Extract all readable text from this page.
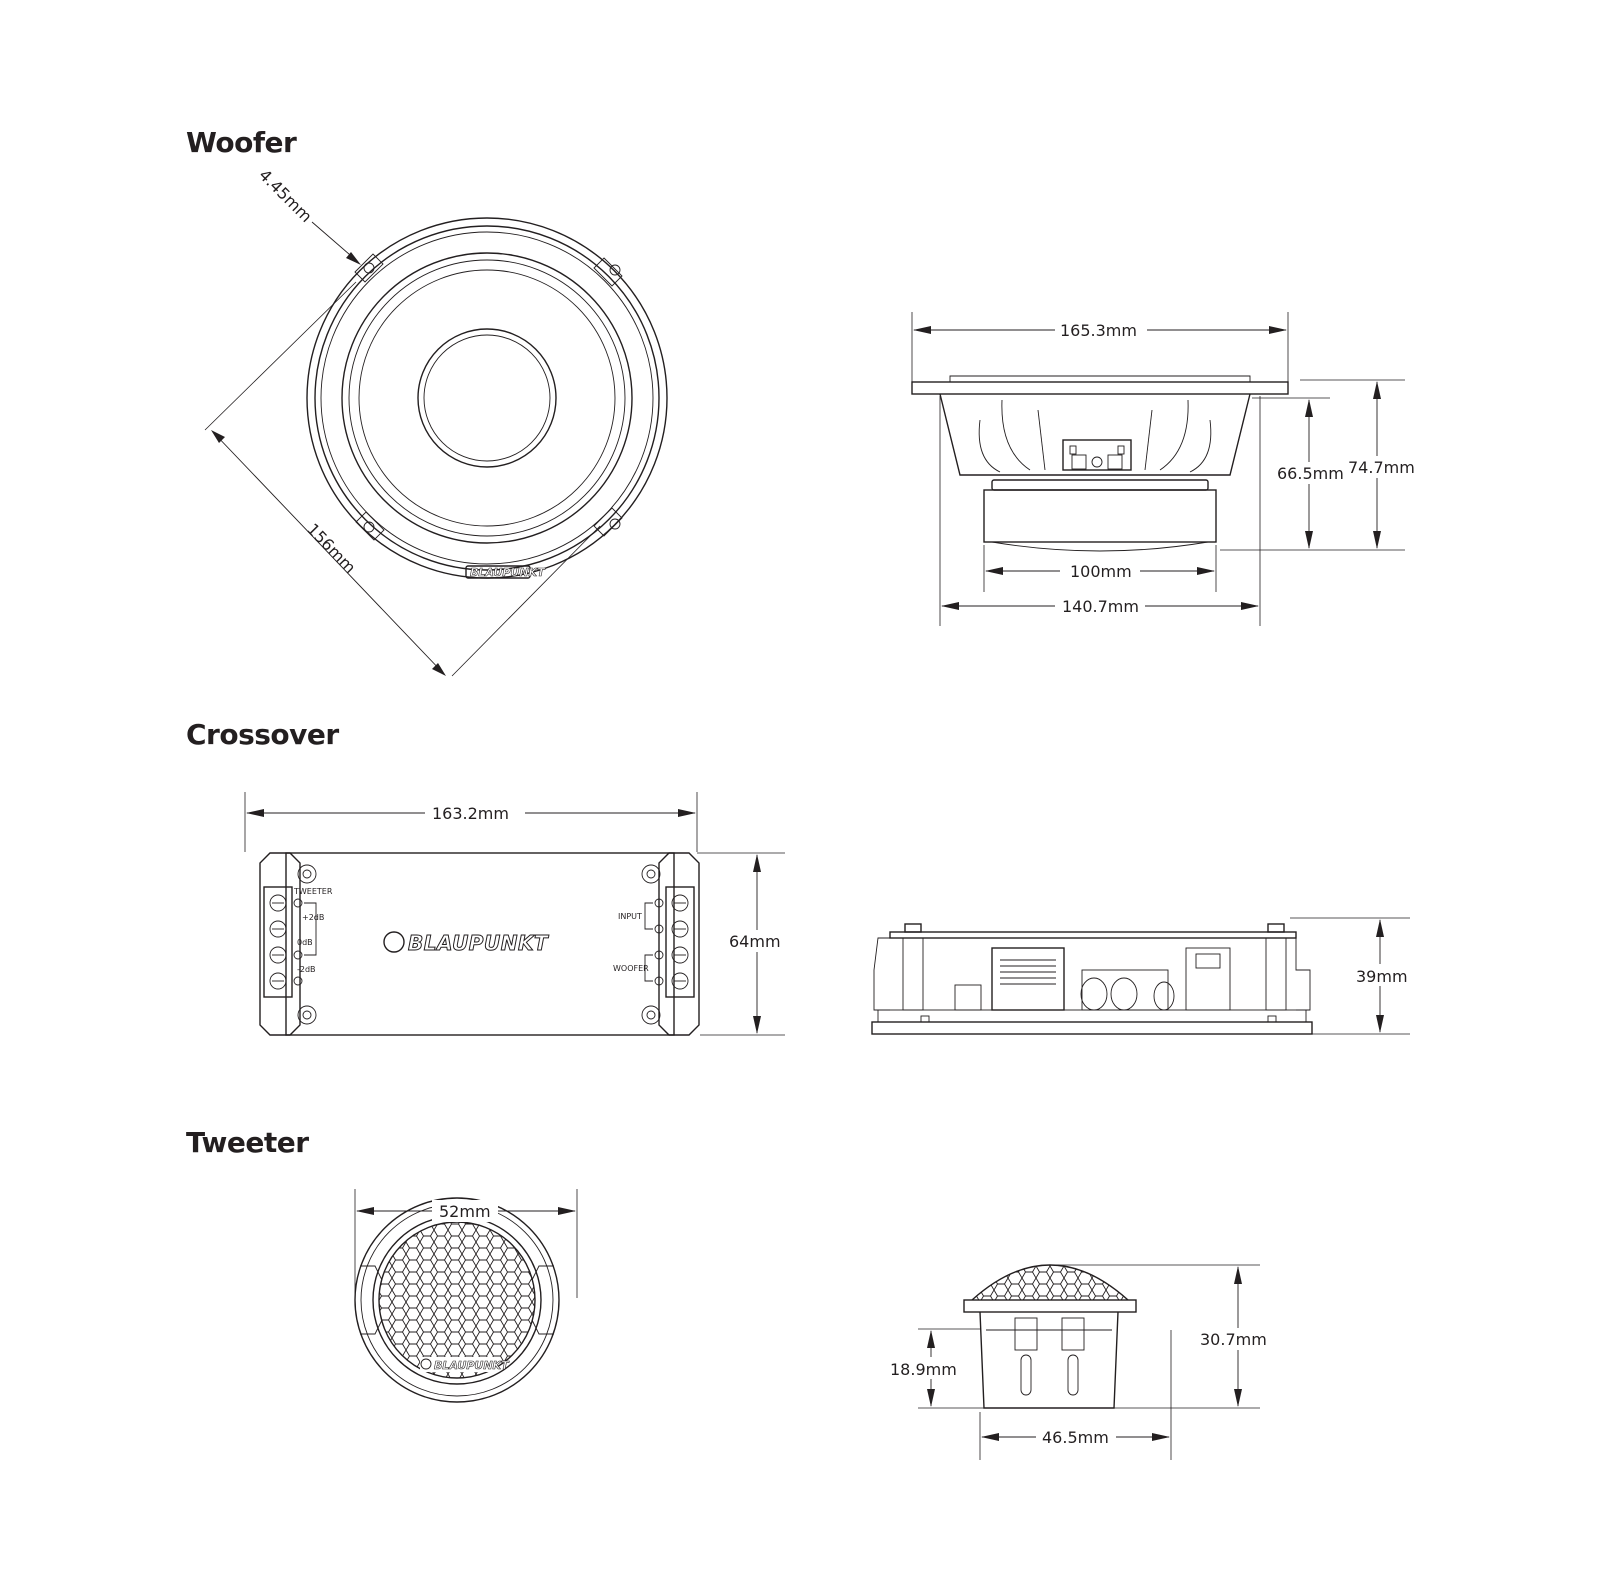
Woofer
Crossover
Tweeter
BLAUPUNKT
4.45mm
156mm
165.3mm
100mm
140.7mm
66.5mm 74.7mm
TWEETER
+2dB
0dB
-2dB
INPUT
WOOFER
BLAUPUNKT
163.2mm
64mm
39mm
BLAUPUNKT
52mm
30.7mm
18.9mm
46.5mm
